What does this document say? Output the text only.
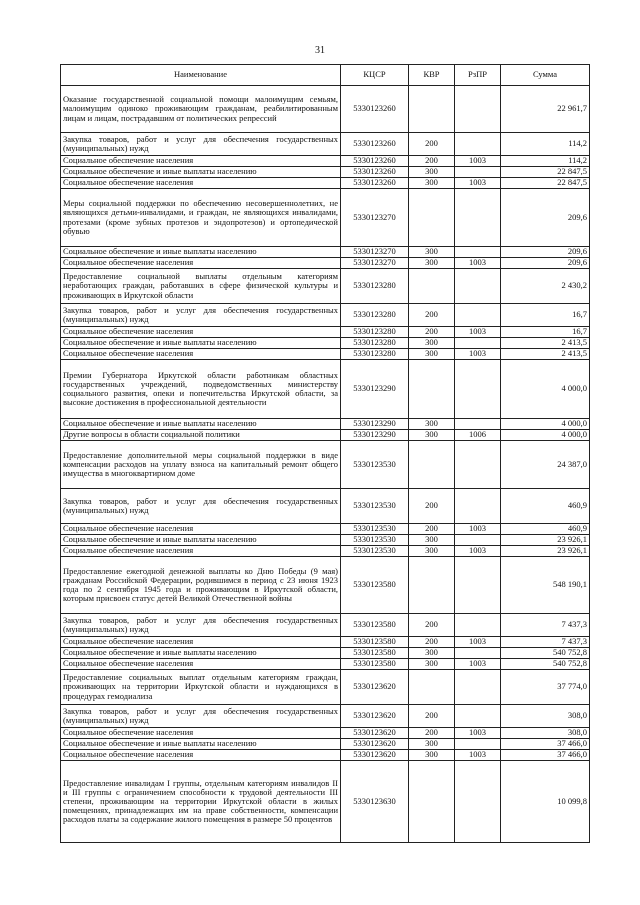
31
Наименование	КЦСР	КВР	РзПР	Сумма
Оказание государственной социальной помощи малоимущим семьям, малоимущим одиноко проживающим гражданам, реабилитированным лицам и лицам, пострадавшим от политических репрессий	5330123260			22 961,7
Закупка товаров, работ и услуг для обеспечения государственных (муниципальных) нужд	5330123260	200		114,2
Социальное обеспечение населения	5330123260	200	1003	114,2
Социальное обеспечение и иные выплаты населению	5330123260	300		22 847,5
Социальное обеспечение населения	5330123260	300	1003	22 847,5
Меры социальной поддержки по обеспечению несовершеннолетних, не являющихся детьми-инвалидами, и граждан, не являющихся инвалидами, протезами (кроме зубных протезов и эндопротезов) и ортопедической обувью	5330123270			209,6
Социальное обеспечение и иные выплаты населению	5330123270	300		209,6
Социальное обеспечение населения	5330123270	300	1003	209,6
Предоставление социальной выплаты отдельным категориям неработающих граждан, работавших в сфере физической культуры и проживающих в Иркутской области	5330123280			2 430,2
Закупка товаров, работ и услуг для обеспечения государственных (муниципальных) нужд	5330123280	200		16,7
Социальное обеспечение населения	5330123280	200	1003	16,7
Социальное обеспечение и иные выплаты населению	5330123280	300		2 413,5
Социальное обеспечение населения	5330123280	300	1003	2 413,5
Премии Губернатора Иркутской области работникам областных государственных учреждений, подведомственных министерству социального развития, опеки и попечительства Иркутской области, за высокие достижения в профессиональной деятельности	5330123290			4 000,0
Социальное обеспечение и иные выплаты населению	5330123290	300		4 000,0
Другие вопросы в области социальной политики	5330123290	300	1006	4 000,0
Предоставление дополнительной меры социальной поддержки в виде компенсации расходов на уплату взноса на капитальный ремонт общего имущества в многоквартирном доме	5330123530			24 387,0
Закупка товаров, работ и услуг для обеспечения государственных (муниципальных) нужд	5330123530	200		460,9
Социальное обеспечение населения	5330123530	200	1003	460,9
Социальное обеспечение и иные выплаты населению	5330123530	300		23 926,1
Социальное обеспечение населения	5330123530	300	1003	23 926,1
Предоставление ежегодной денежной выплаты ко Дню Победы (9 мая) гражданам Российской Федерации, родившимся в период с 23 июня 1923 года по 2 сентября 1945 года и проживающим в Иркутской области, которым присвоен статус детей Великой Отечественной войны	5330123580			548 190,1
Закупка товаров, работ и услуг для обеспечения государственных (муниципальных) нужд	5330123580	200		7 437,3
Социальное обеспечение населения	5330123580	200	1003	7 437,3
Социальное обеспечение и иные выплаты населению	5330123580	300		540 752,8
Социальное обеспечение населения	5330123580	300	1003	540 752,8
Предоставление социальных выплат отдельным категориям граждан, проживающих на территории Иркутской области и нуждающихся в процедурах гемодиализа	5330123620			37 774,0
Закупка товаров, работ и услуг для обеспечения государственных (муниципальных) нужд	5330123620	200		308,0
Социальное обеспечение населения	5330123620	200	1003	308,0
Социальное обеспечение и иные выплаты населению	5330123620	300		37 466,0
Социальное обеспечение населения	5330123620	300	1003	37 466,0
Предоставление инвалидам I группы, отдельным категориям инвалидов II и III группы с ограничением способности к трудовой деятельности III степени, проживающим на территории Иркутской области в жилых помещениях, принадлежащих им на праве собственности, компенсации расходов платы за содержание жилого помещения в размере 50 процентов	5330123630			10 099,8
